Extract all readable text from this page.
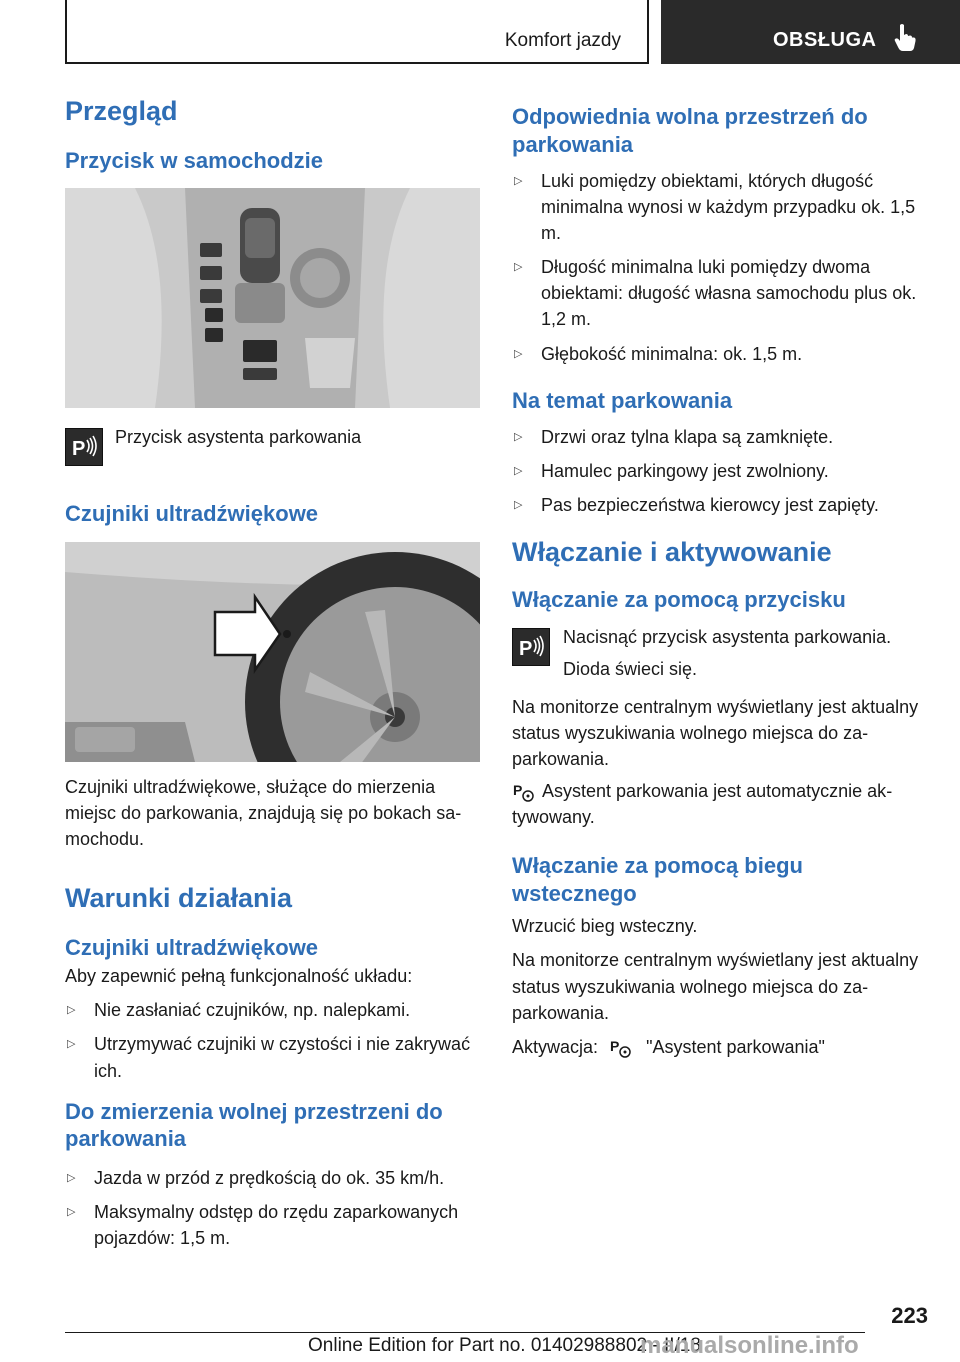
Komfort jazdy	OBSŁUGA
Przegląd
Przycisk w samochodzie
P
Przycisk asystenta parkowania
Czujniki ultradźwiękowe

Czujniki ultradźwiękowe, służące do mierzenia miejsc do parkowania, znajdują się po bokach samochodu.

Warunki działania
Czujniki ultradźwiękowe

Aby zapewnić pełną funkcjonalność układu:

▷ Nie zasłaniać czujników, np. nalepkami.
▷ Utrzymywać czujniki w czystości i nie zakrywać ich.
Do zmierzenia wolnej przestrzeni do parkowania
▷ Jazda w przód z prędkością do ok. 35 km/h.
▷ Maksymalny odstęp do rzędu zaparkowanych pojazdów: 1,5 m.
Odpowiednia wolna przestrzeń do parkowania
▷ Luki pomiędzy obiektami, których długość minimalna wynosi w każdym przypadku ok. 1,5 m.
▷ Długość minimalna luki pomiędzy dwoma obiektami: długość własna samochodu plus ok. 1,2 m.
▷ Głębokość minimalna: ok. 1,5 m.
Na temat parkowania
▷ Drzwi oraz tylna klapa są zamknięte.
▷ Hamulec parkingowy jest zwolniony.
▷ Pas bezpieczeństwa kierowcy jest zapięty.
Włączanie i aktywowanie
Włączanie za pomocą przycisku
P

Nacisnąć przycisk asystenta parkowania.

Dioda świeci się.

Na monitorze centralnym wyświetlany jest aktualny status wyszukiwania wolnego miejsca do zaparkowania.

P Asystent parkowania jest automatycznie aktywowany.

Włączanie za pomocą biegu wstecznego

Wrzucić bieg wsteczny.

Na monitorze centralnym wyświetlany jest aktualny status wyszukiwania wolnego miejsca do zaparkowania.

Aktywacja: P "Asystent parkowania"

223
Online Edition for Part no. 01402988802 - II/18
manualsonline.info
